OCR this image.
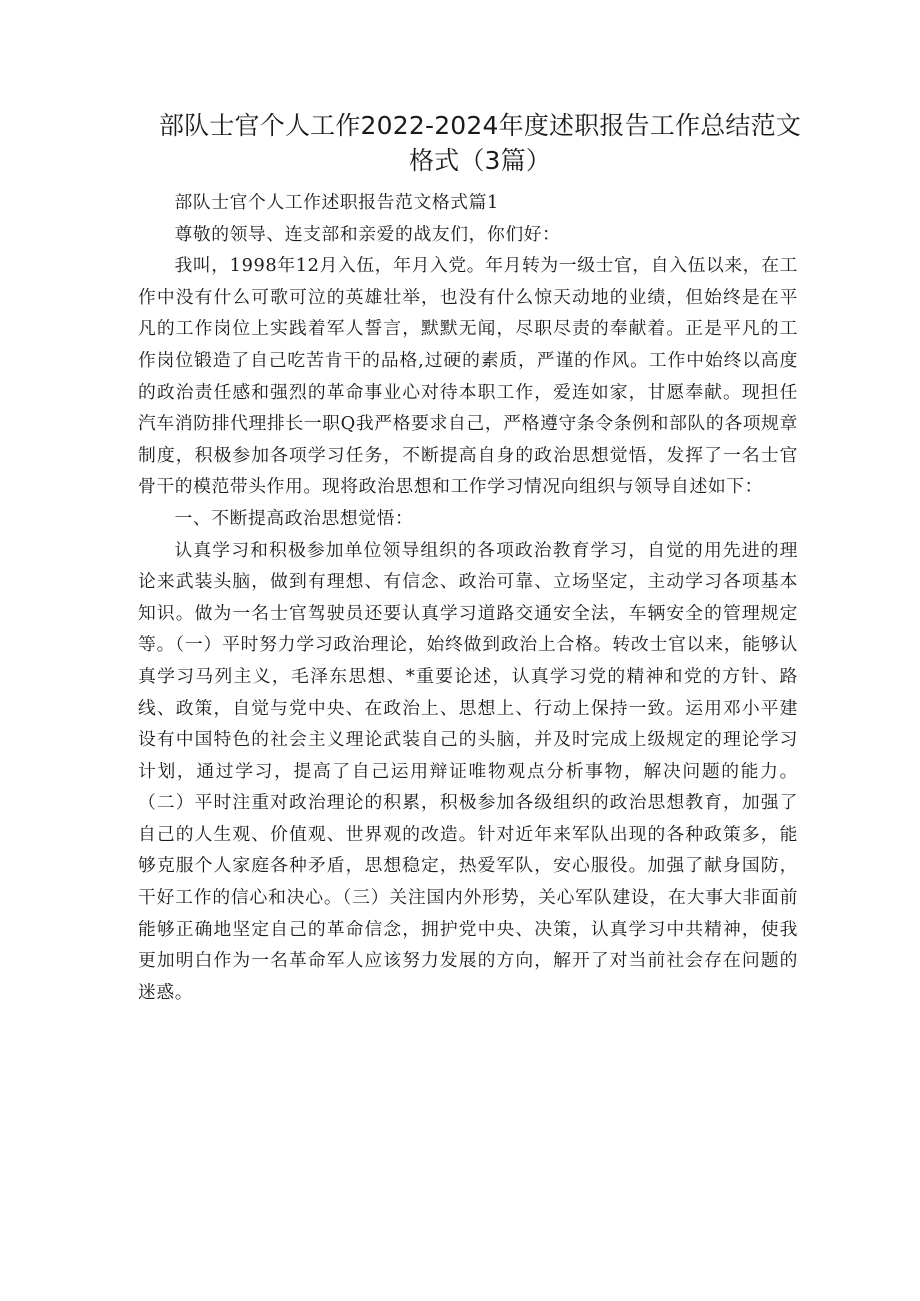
部队士官个人工作2022-2024年度述职报告工作总结范文格式（3篇）

部队士官个人工作述职报告范文格式篇1

尊敬的领导、连支部和亲爱的战友们，你们好：

我叫，1998年12月入伍，年月入党。年月转为一级士官，自入伍以来，在工作中没有什么可歌可泣的英雄壮举，也没有什么惊天动地的业绩，但始终是在平凡的工作岗位上实践着军人誓言，默默无闻，尽职尽责的奉献着。正是平凡的工作岗位锻造了自己吃苦肯干的品格,过硬的素质，严谨的作风。工作中始终以高度的政治责任感和强烈的革命事业心对待本职工作，爱连如家，甘愿奉献。现担任汽车消防排代理排长一职Q我严格要求自己，严格遵守条令条例和部队的各项规章制度，积极参加各项学习任务，不断提高自身的政治思想觉悟，发挥了一名士官骨干的模范带头作用。现将政治思想和工作学习情况向组织与领导自述如下：

一、不断提高政治思想觉悟：

认真学习和积极参加单位领导组织的各项政治教育学习，自觉的用先进的理论来武装头脑，做到有理想、有信念、政治可靠、立场坚定，主动学习各项基本知识。做为一名士官驾驶员还要认真学习道路交通安全法，车辆安全的管理规定等。（一）平时努力学习政治理论，始终做到政治上合格。转改士官以来，能够认真学习马列主义，毛泽东思想、*重要论述，认真学习党的精神和党的方针、路线、政策，自觉与党中央、在政治上、思想上、行动上保持一致。运用邓小平建设有中国特色的社会主义理论武装自己的头脑，并及时完成上级规定的理论学习计划，通过学习，提高了自己运用辩证唯物观点分析事物，解决问题的能力。（二）平时注重对政治理论的积累，积极参加各级组织的政治思想教育，加强了自己的人生观、价值观、世界观的改造。针对近年来军队出现的各种政策多，能够克服个人家庭各种矛盾，思想稳定，热爱军队，安心服役。加强了献身国防，干好工作的信心和决心。（三）关注国内外形势，关心军队建设，在大事大非面前能够正确地坚定自己的革命信念，拥护党中央、决策，认真学习中共精神，使我更加明白作为一名革命军人应该努力发展的方向，解开了对当前社会存在问题的迷惑。
